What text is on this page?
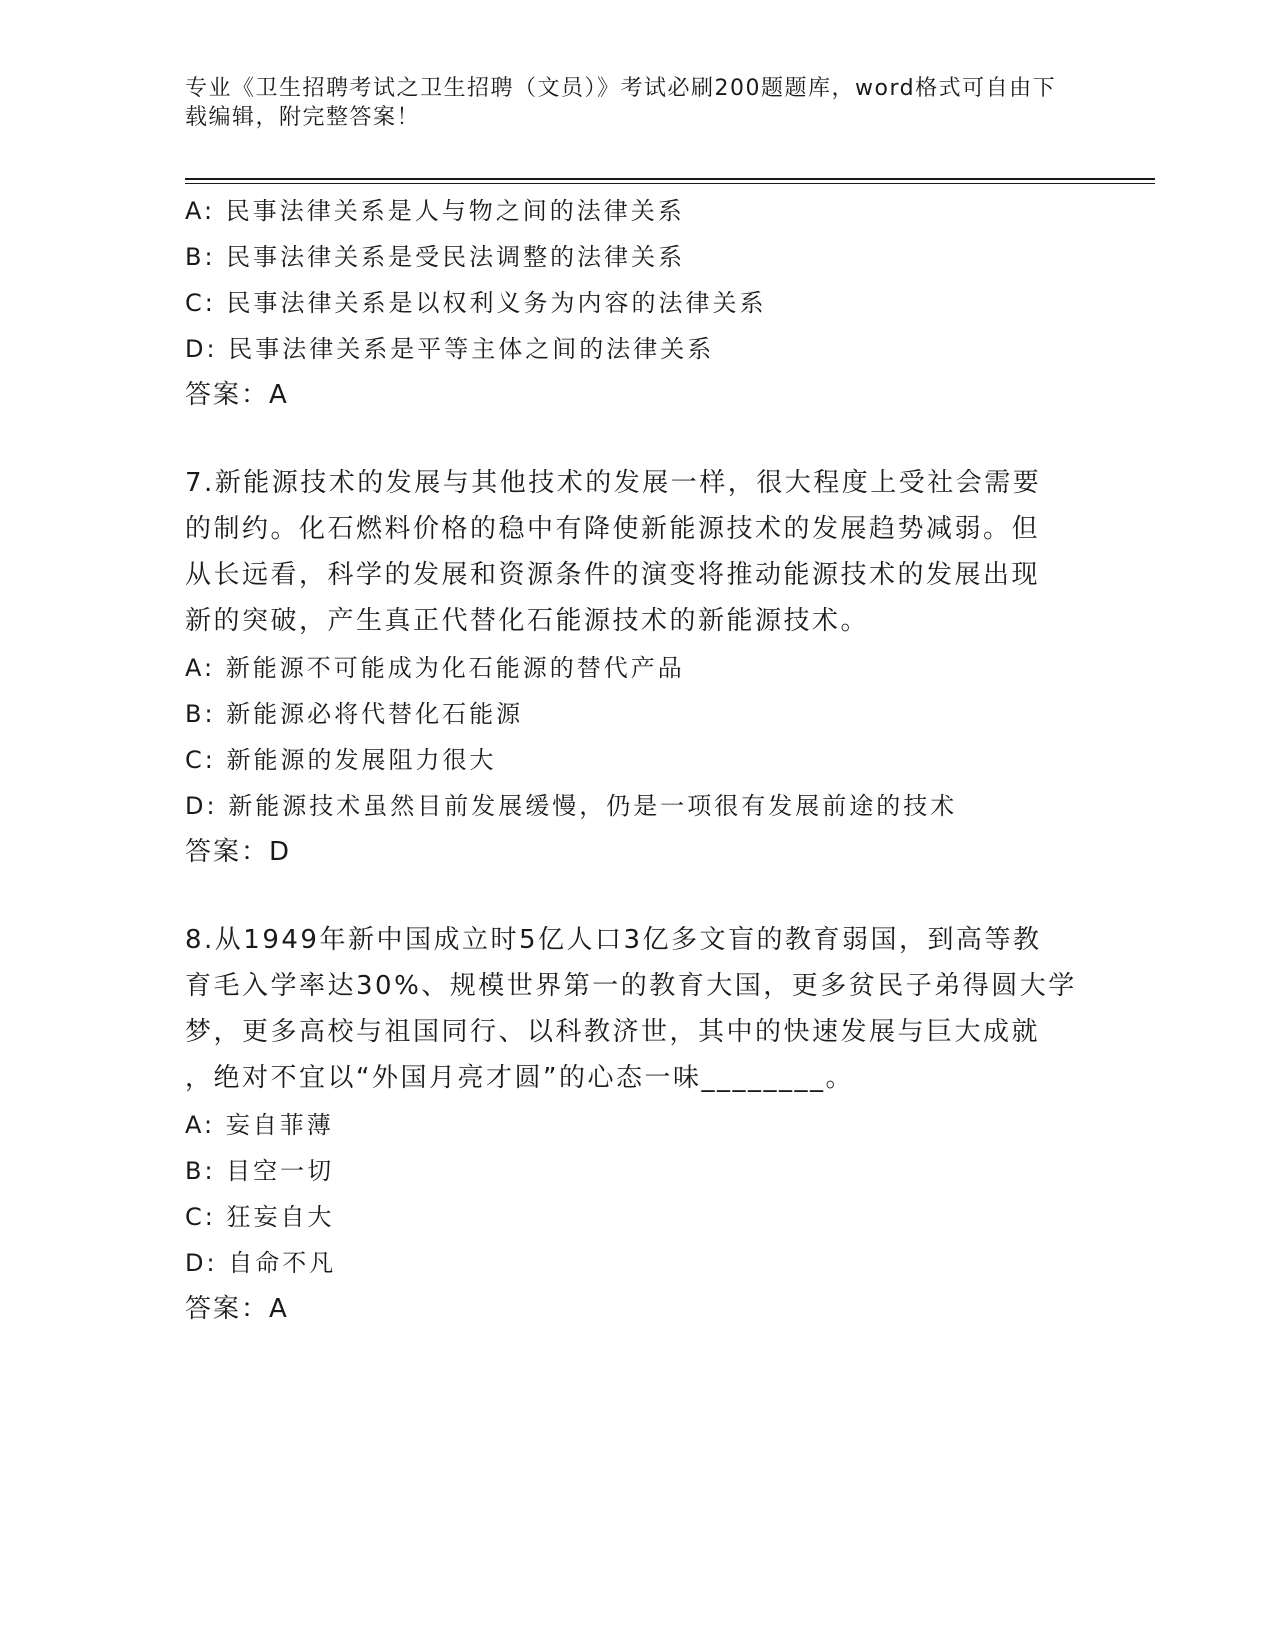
专业《卫生招聘考试之卫生招聘（文员）》考试必刷200题题库，word格式可自由下载编辑，附完整答案！
A: 民事法律关系是人与物之间的法律关系
B: 民事法律关系是受民法调整的法律关系
C: 民事法律关系是以权利义务为内容的法律关系
D: 民事法律关系是平等主体之间的法律关系
答案：A
7.新能源技术的发展与其他技术的发展一样，很大程度上受社会需要
的制约。化石燃料价格的稳中有降使新能源技术的发展趋势减弱。但
从长远看，科学的发展和资源条件的演变将推动能源技术的发展出现
新的突破，产生真正代替化石能源技术的新能源技术。
A: 新能源不可能成为化石能源的替代产品
B: 新能源必将代替化石能源
C: 新能源的发展阻力很大
D: 新能源技术虽然目前发展缓慢，仍是一项很有发展前途的技术
答案：D
8.从1949年新中国成立时5亿人口3亿多文盲的教育弱国，到高等教
育毛入学率达30%、规模世界第一的教育大国，更多贫民子弟得圆大学
梦，更多高校与祖国同行、以科教济世，其中的快速发展与巨大成就
，绝对不宜以“外国月亮才圆”的心态一味________。
A: 妄自菲薄
B: 目空一切
C: 狂妄自大
D: 自命不凡
答案：A
